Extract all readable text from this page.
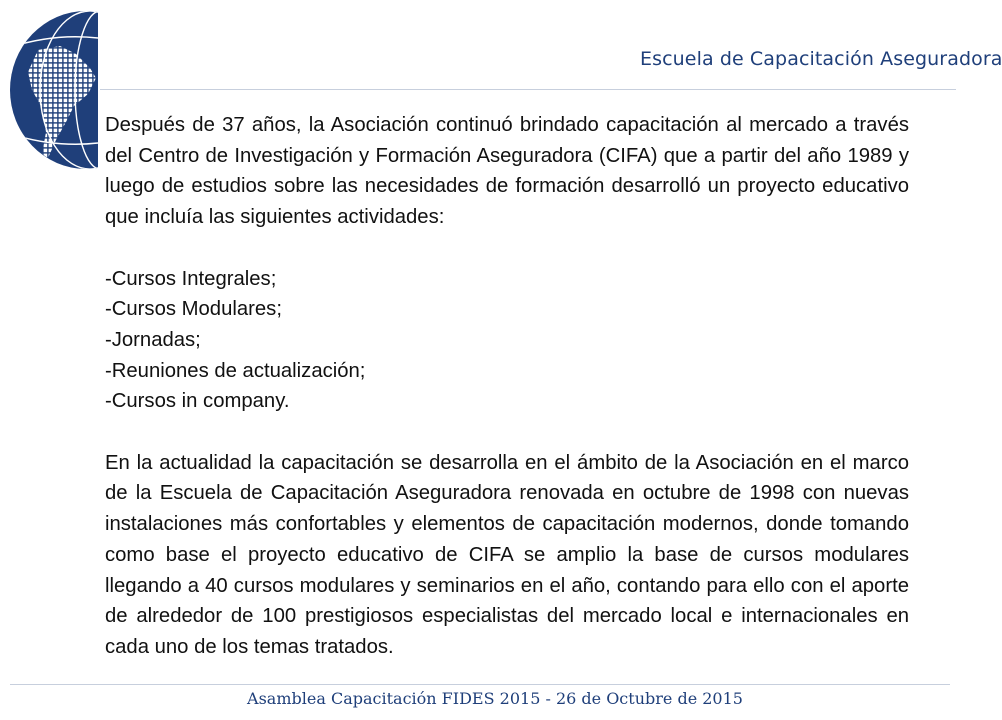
Escuela de Capacitación Aseguradora

Después de 37 años, la Asociación continuó brindado capacitación al mercado a través del Centro de Investigación y Formación Aseguradora (CIFA) que a partir del año 1989 y luego de estudios sobre las necesidades de formación desarrolló un proyecto educativo que incluía las siguientes actividades:

-Cursos Integrales;
-Cursos Modulares;
-Jornadas;
-Reuniones de actualización;
-Cursos in company.

En la actualidad la capacitación se desarrolla en el ámbito de la Asociación en el marco de la Escuela de Capacitación Aseguradora renovada en octubre de 1998 con nuevas instalaciones más confortables y elementos de capacitación modernos, donde tomando como base el proyecto educativo de CIFA se amplio la base de cursos modulares llegando a 40 cursos modulares y seminarios en el año, contando para ello con el aporte de alrededor de 100 prestigiosos especialistas del mercado local e internacionales en cada uno de los temas tratados.

Asamblea Capacitación FIDES 2015 - 26 de Octubre de 2015
